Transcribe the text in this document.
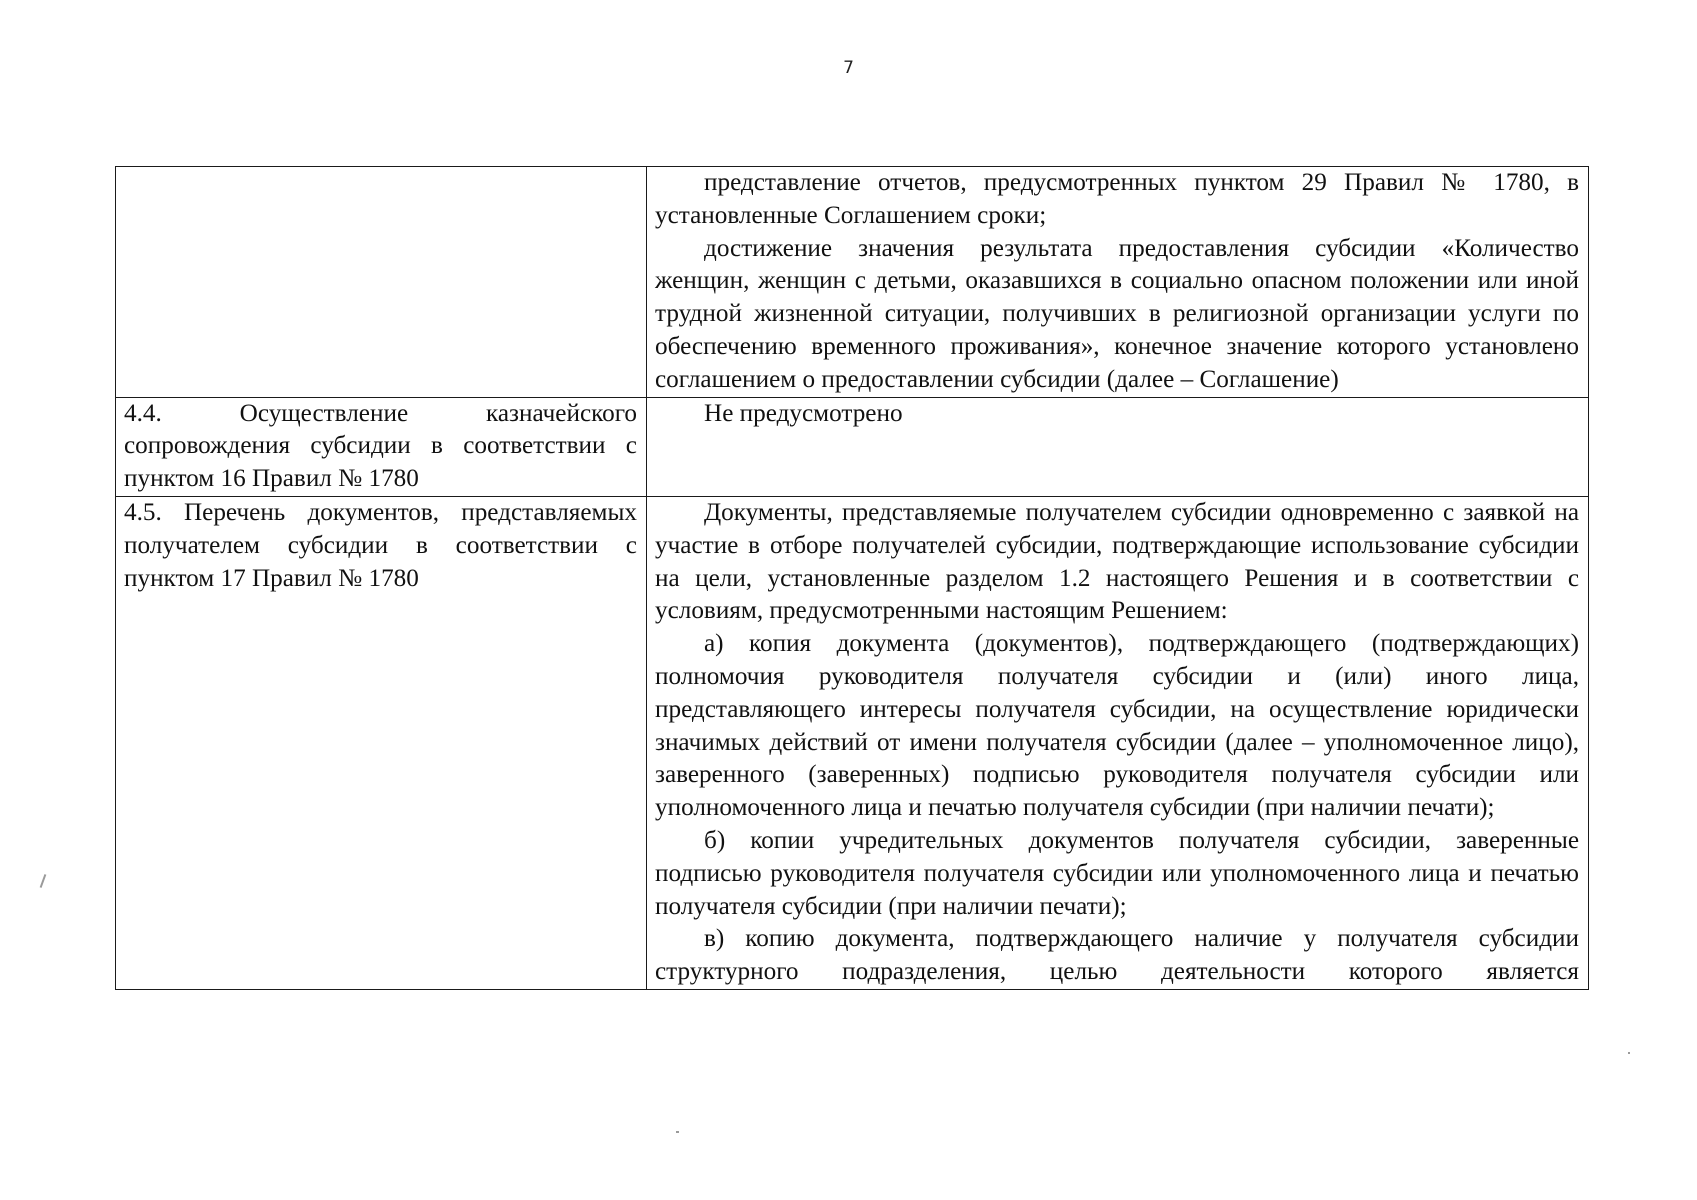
7

	представление отчетов, предусмотренных пунктом 29 Правил № 1780, в установленные Соглашением сроки;

достижение значения результата предоставления субсидии «Количество женщин, женщин с детьми, оказавшихся в социально опасном положении или иной трудной жизненной ситуации, получивших в религиозной организации услуги по обеспечению временного проживания», конечное значение которого установлено соглашением о предоставлении субсидии (далее – Соглашение)

4.4. Осуществление казначейского сопровождения субсидии в соответствии с пунктом 16 Правил № 1780	Не предусмотрено

4.5. Перечень документов, представляемых получателем субсидии в соответствии с пунктом 17 Правил № 1780	Документы, представляемые получателем субсидии одновременно с заявкой на участие в отборе получателей субсидии, подтверждающие использование субсидии на цели, установленные разделом 1.2 настоящего Решения и в соответствии с условиям, предусмотренными настоящим Решением:

а) копия документа (документов), подтверждающего (подтверждающих) полномочия руководителя получателя субсидии и (или) иного лица, представляющего интересы получателя субсидии, на осуществление юридически значимых действий от имени получателя субсидии (далее – уполномоченное лицо), заверенного (заверенных) подписью руководителя получателя субсидии или уполномоченного лица и печатью получателя субсидии (при наличии печати);

б) копии учредительных документов получателя субсидии, заверенные подписью руководителя получателя субсидии или уполномоченного лица и печатью получателя субсидии (при наличии печати);

в) копию документа, подтверждающего наличие у получателя субсидии структурного подразделения, целью деятельности которого является
